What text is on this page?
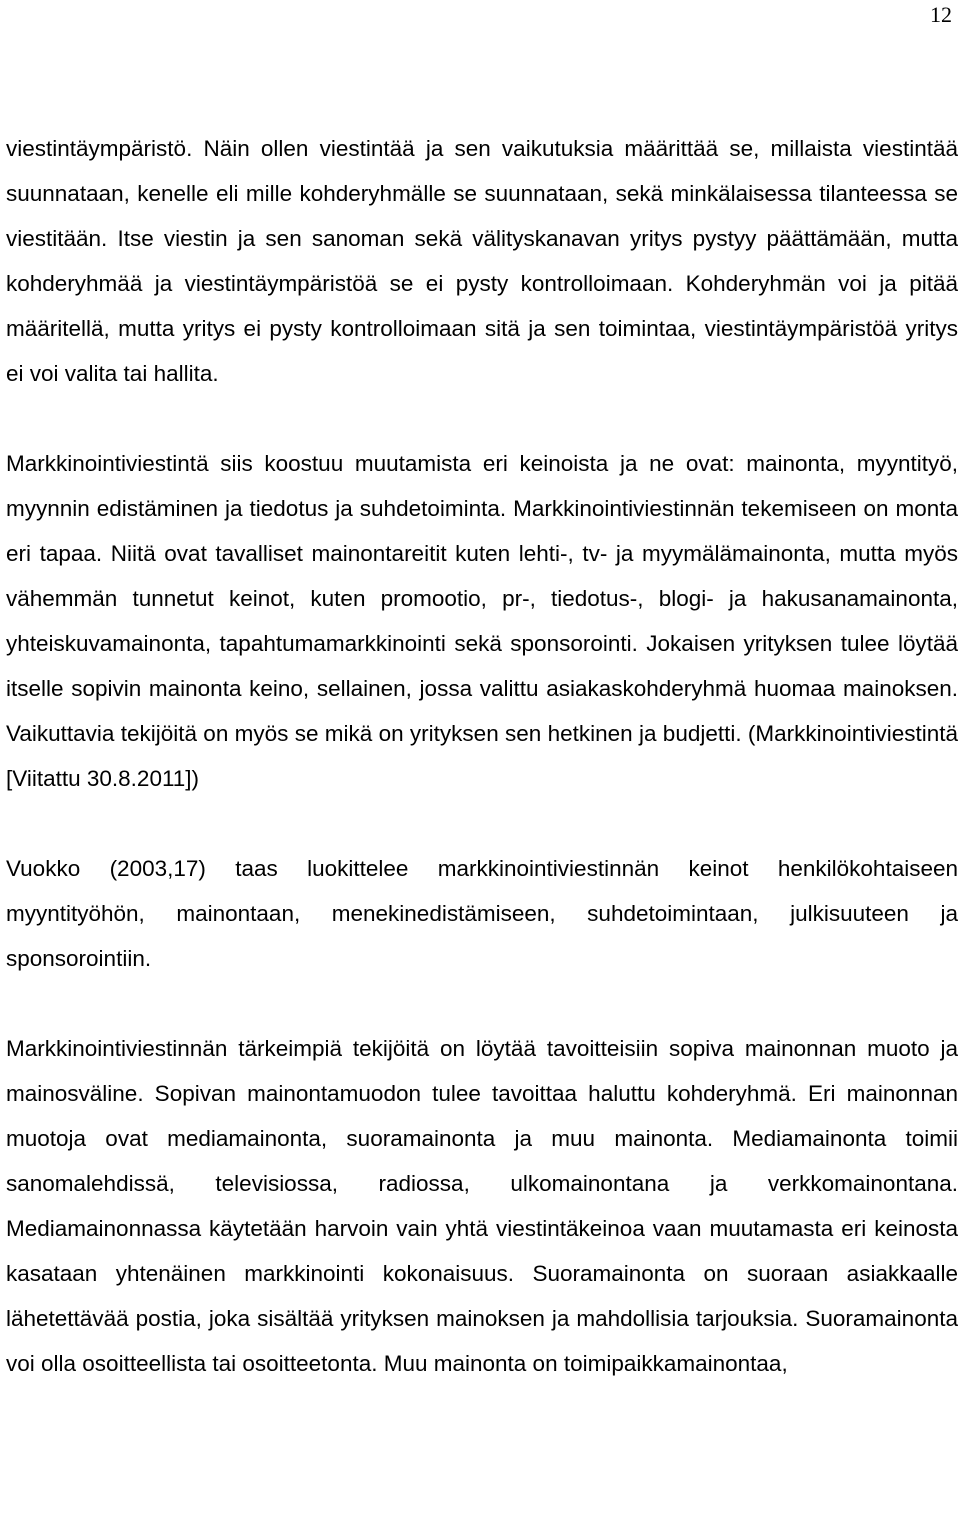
12

viestintäympäristö. Näin ollen viestintää ja sen vaikutuksia määrittää se, millaista viestintää suunnataan, kenelle eli mille kohderyhmälle se suunnataan, sekä minkälaisessa tilanteessa se viestitään. Itse viestin ja sen sanoman sekä välityskanavan yritys pystyy päättämään, mutta kohderyhmää ja viestintäympäristöä se ei pysty kontrolloimaan. Kohderyhmän voi ja pitää määritellä, mutta yritys ei pysty kontrolloimaan sitä ja sen toimintaa, viestintäympäristöä yritys ei voi valita tai hallita.

Markkinointiviestintä siis koostuu muutamista eri keinoista ja ne ovat: mainonta, myyntityö, myynnin edistäminen ja tiedotus ja suhdetoiminta. Markkinointiviestinnän tekemiseen on monta eri tapaa. Niitä ovat tavalliset mainontareitit kuten lehti-, tv- ja myymälämainonta, mutta myös vähemmän tunnetut keinot, kuten promootio, pr-, tiedotus-, blogi- ja hakusanamainonta, yhteiskuvamainonta, tapahtumamarkkinointi sekä sponsorointi. Jokaisen yrityksen tulee löytää itselle sopivin mainonta keino, sellainen, jossa valittu asiakaskohderyhmä huomaa mainoksen. Vaikuttavia tekijöitä on myös se mikä on yrityksen sen hetkinen ja budjetti. (Markkinointiviestintä [Viitattu 30.8.2011])

Vuokko (2003,17) taas luokittelee markkinointiviestinnän keinot henkilökohtaiseen myyntityöhön, mainontaan, menekinedistämiseen, suhdetoimintaan, julkisuuteen ja sponsorointiin.

Markkinointiviestinnän tärkeimpiä tekijöitä on löytää tavoitteisiin sopiva mainonnan muoto ja mainosväline. Sopivan mainontamuodon tulee tavoittaa haluttu kohderyhmä. Eri mainonnan muotoja ovat mediamainonta, suoramainonta ja muu mainonta. Mediamainonta toimii sanomalehdissä, televisiossa, radiossa, ulkomainontana ja verkkomainontana. Mediamainonnassa käytetään harvoin vain yhtä viestintäkeinoa vaan muutamasta eri keinosta kasataan yhtenäinen markkinointi kokonaisuus. Suoramainonta on suoraan asiakkaalle lähetettävää postia, joka sisältää yrityksen mainoksen ja mahdollisia tarjouksia. Suoramainonta voi olla osoitteellista tai osoitteetonta. Muu mainonta on toimipaikkamainontaa,
